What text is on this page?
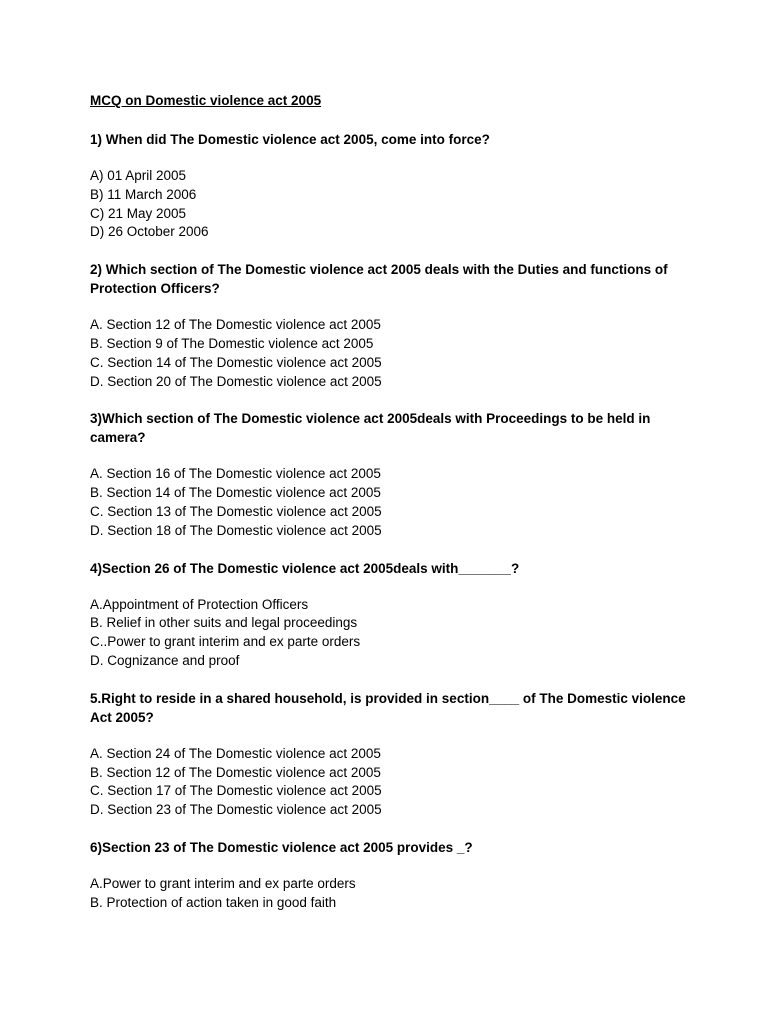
MCQ on Domestic violence act 2005
1) When did The Domestic violence act 2005, come into force?
A) 01 April 2005
B) 11 March 2006
C) 21 May 2005
D) 26 October 2006
2) Which section of The Domestic violence act 2005 deals with the Duties and functions of Protection Officers?
A. Section 12 of The Domestic violence act 2005
B. Section 9 of The Domestic violence act 2005
C. Section 14 of The Domestic violence act 2005
D. Section 20 of The Domestic violence act 2005
3)Which section of The Domestic violence act 2005deals with Proceedings to be held in camera?
A. Section 16 of The Domestic violence act 2005
B. Section 14 of The Domestic violence act 2005
C. Section 13 of The Domestic violence act 2005
D. Section 18 of The Domestic violence act 2005
4)Section 26 of The Domestic violence act 2005deals with_______?
A.Appointment of Protection Officers
B. Relief in other suits and legal proceedings
C..Power to grant interim and ex parte orders
D. Cognizance and proof
5.Right to reside in a shared household, is provided in section____ of The Domestic violence Act 2005?
A. Section 24 of The Domestic violence act 2005
B. Section 12 of The Domestic violence act 2005
C. Section 17 of The Domestic violence act 2005
D. Section 23 of The Domestic violence act 2005
6)Section 23 of The Domestic violence act 2005 provides _?
A.Power to grant interim and ex parte orders
B. Protection of action taken in good faith
